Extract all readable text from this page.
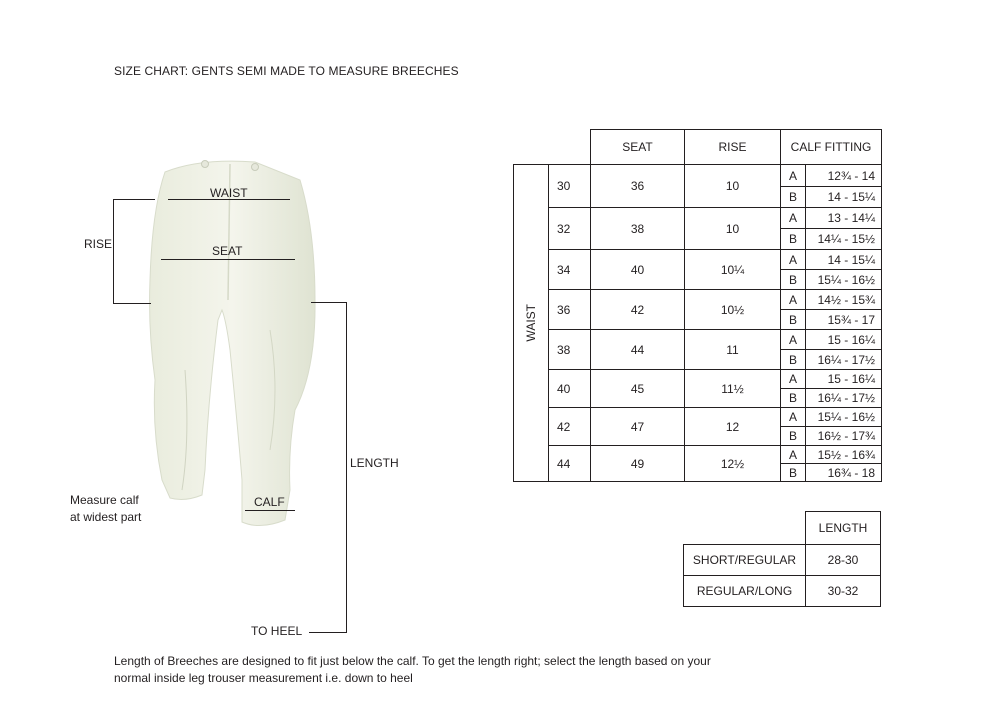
SIZE CHART: GENTS SEMI MADE TO MEASURE BREECHES
WAIST
SEAT
RISE
LENGTH
TO HEEL
CALF
Measure calf
at widest part
SEAT	RISE	CALF FITTING
WAIST
30	36	10
A	12¾ - 14
B	14 - 15¼
32	38	10
A	13 - 14¼
B	14¼ - 15½
34	40	10¼
A	14 - 15¼
B	15¼ - 16½
36	42	10½
A	14½ - 15¾
B	15¾ - 17
38	44	11
A	15 - 16¼
B	16¼ - 17½
40	45	11½
A	15 - 16¼
B	16¼ - 17½
42	47	12
A	15¼ - 16½
B	16½ - 17¾
44	49	12½
A	15½ - 16¾
B	16¾ - 18
LENGTH
SHORT/REGULAR	28-30
REGULAR/LONG	30-32
Length of Breeches are designed to fit just below the calf. To get the length right; select the length based on your
normal inside leg trouser measurement i.e. down to heel
